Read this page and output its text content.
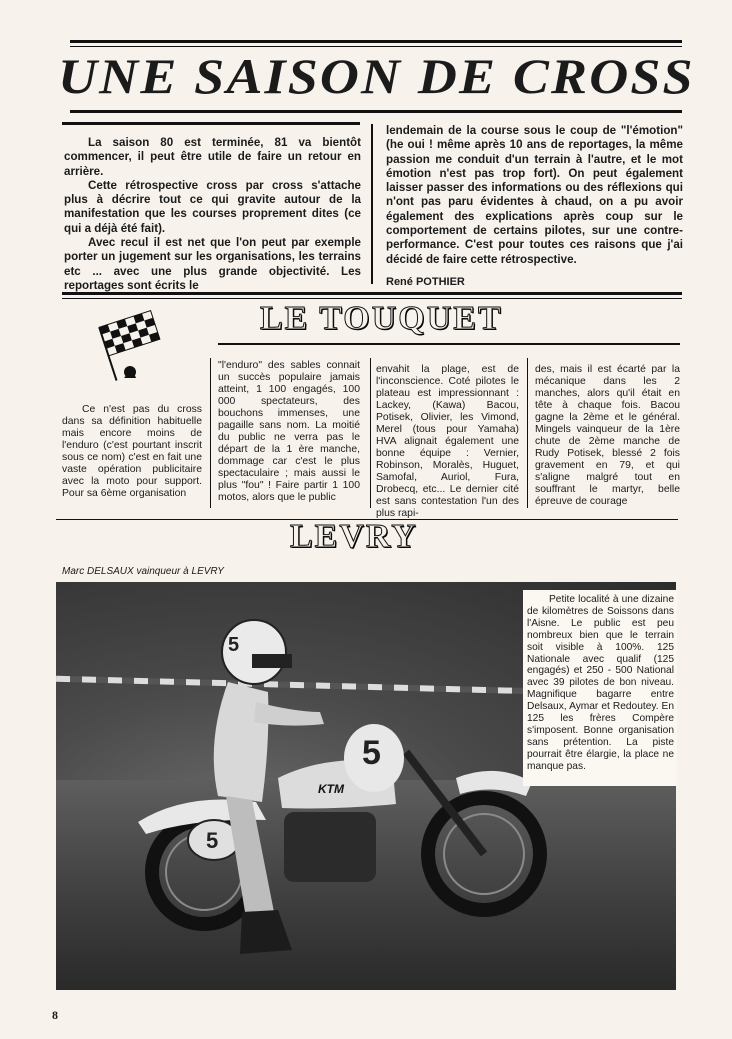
UNE SAISON DE CROSS

La saison 80 est terminée, 81 va bientôt commencer, il peut être utile de faire un retour en arrière.

Cette rétrospective cross par cross s'attache plus à décrire tout ce qui gravite autour de la manifestation que les courses proprement dites (ce qui a déjà été fait).

Avec recul il est net que l'on peut par exemple porter un jugement sur les organisations, les terrains etc ... avec une plus grande objectivité. Les reportages sont écrits le

lendemain de la course sous le coup de "l'émotion" (he oui ! même après 10 ans de reportages, la même passion me conduit d'un terrain à l'autre, et le mot émotion n'est pas trop fort). On peut également laisser passer des informations ou des réflexions qui n'ont pas paru évidentes à chaud, on a pu avoir également des explications après coup sur le comportement de certains pilotes, sur une contre-performance. C'est pour toutes ces raisons que j'ai décidé de faire cette rétrospective.

René POTHIER
LE TOUQUET

Ce n'est pas du cross dans sa définition habituelle mais encore moins de l'enduro (c'est pourtant inscrit sous ce nom) c'est en fait une vaste opération publicitaire avec la moto pour support. Pour sa 6ème organisation

"l'enduro" des sables connait un succès populaire jamais atteint, 1 100 engagés, 100 000 spectateurs, des bouchons immenses, une pagaille sans nom. La moitié du public ne verra pas le départ de la 1 ère manche, dommage car c'est le plus spectaculaire ; mais aussi le plus "fou" ! Faire partir 1 100 motos, alors que le public

envahit la plage, est de l'inconscience. Coté pilotes le plateau est impressionnant : Lackey, (Kawa) Bacou, Potisek, Olivier, les Vimond, Merel (tous pour Yamaha) HVA alignait également une bonne équipe : Vernier, Robinson, Moralès, Huguet, Samofal, Auriol, Fura, Drobecq, etc... Le dernier cité est sans contestation l'un des plus rapi-

des, mais il est écarté par la mécanique dans les 2 manches, alors qu'il était en tête à chaque fois. Bacou gagne la 2ème et le général. Mingels vainqueur de la 1ère chute de 2ème manche de Rudy Potisek, blessé 2 fois gravement en 79, et qui s'aligne malgré tout en souffrant le martyr, belle épreuve de courage

LEVRY
Marc DELSAUX vainqueur à LEVRY
5
5
5
KTM

Petite localité à une dizaine de kilomètres de Soissons dans l'Aisne. Le public est peu nombreux bien que le terrain soit visible à 100%. 125 Nationale avec qualif (125 engagés) et 250 - 500 National avec 39 pilotes de bon niveau. Magnifique bagarre entre Delsaux, Aymar et Redoutey. En 125 les frères Compère s'imposent. Bonne organisation sans prétention. La piste pourrait être élargie, la place ne manque pas.

8
